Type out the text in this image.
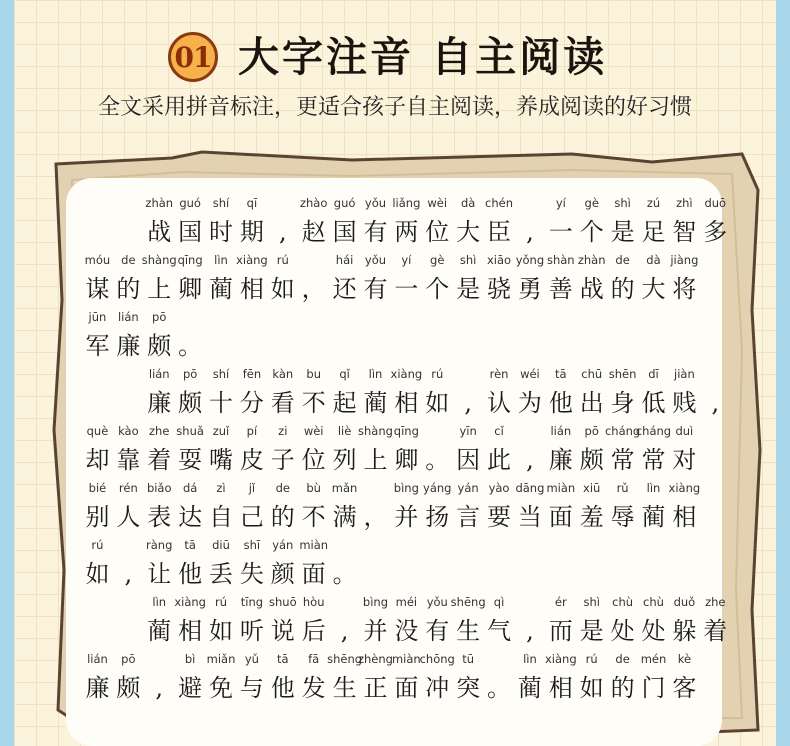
01 大字注音 自主阅读
全文采用拼音标注，更适合孩子自主阅读，养成阅读的好习惯
zhàn
战
guó
国
shí
时
qī
期 ,
zhào
赵
guó
国
yǒu
有
liǎng
两
wèi
位
dà
大
chén
臣 ,
yí
一
gè
个
shì
是
zú
足
zhì
智
duō
多
móu
谋
de
的
shàng
上
qīng
卿
lìn
蔺
xiàng
相
rú
如 ，
hái
还
yǒu
有
yí
一
gè
个
shì
是
xiāo
骁
yǒng
勇
shàn
善
zhàn
战
de
的
dà
大
jiàng
将
jūn
军
lián
廉
pō
颇 。
lián
廉
pō
颇
shí
十
fēn
分
kàn
看
bu
不
qǐ
起
lìn
蔺
xiàng
相
rú
如 ,
rèn
认
wéi
为
tā
他
chū
出
shēn
身
dī
低
jiàn
贱 ,
què
却
kào
靠
zhe
着
shuǎ
耍
zuǐ
嘴
pí
皮
zi
子
wèi
位
liè
列
shàng
上
qīng
卿 。
yīn
因
cǐ
此 ,
lián
廉
pō
颇
cháng
常
cháng
常
duì
对
bié
别
rén
人
biǎo
表
dá
达
zì
自
jǐ
己
de
的
bù
不
mǎn
满 ，
bìng
并
yáng
扬
yán
言
yào
要
dāng
当
miàn
面
xiū
羞
rǔ
辱
lìn
蔺
xiàng
相
rú
如 ,
ràng
让
tā
他
diū
丢
shī
失
yán
颜
miàn
面 。
lìn
蔺
xiàng
相
rú
如
tīng
听
shuō
说
hòu
后 ,
bìng
并
méi
没
yǒu
有
shēng
生
qì
气 ,
ér
而
shì
是
chù
处
chù
处
duǒ
躲
zhe
着
lián
廉
pō
颇 ,
bì
避
miǎn
免
yǔ
与
tā
他
fā
发
shēng
生
zhèng
正
miàn
面
chōng
冲
tū
突 。
lìn
蔺
xiàng
相
rú
如
de
的
mén
门
kè
客
